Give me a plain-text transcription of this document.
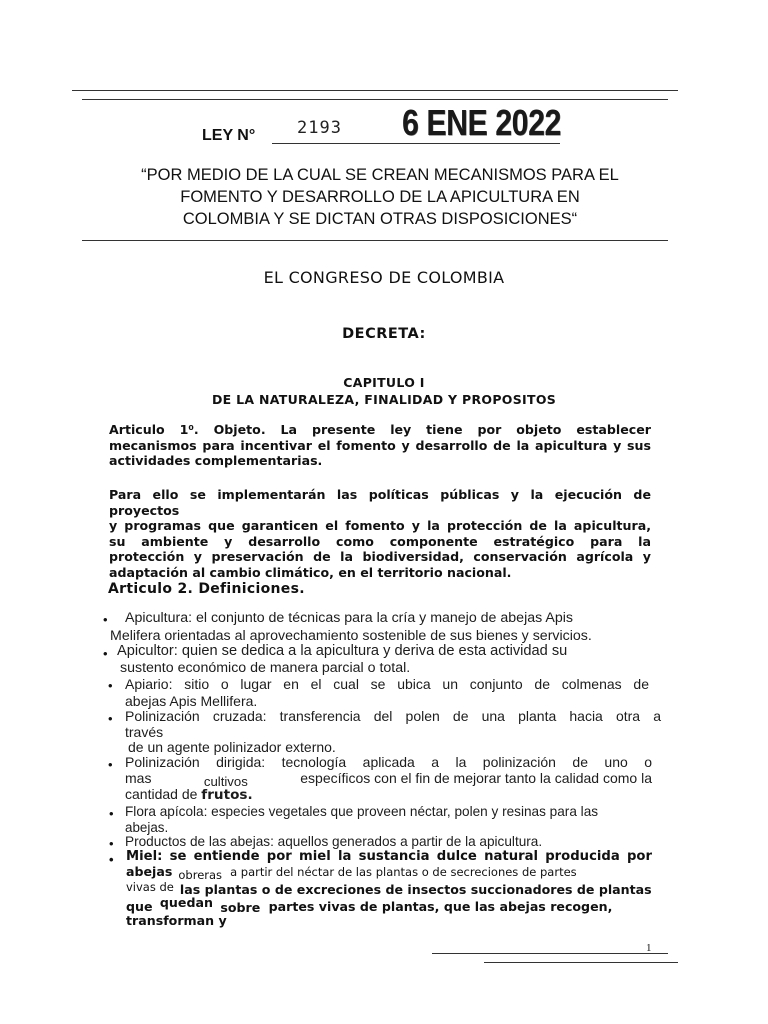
LEY N° 2193 6 ENE 2022
“POR MEDIO DE LA CUAL SE CREAN MECANISMOS PARA EL
FOMENTO Y DESARROLLO DE LA APICULTURA EN
COLOMBIA Y SE DICTAN OTRAS DISPOSICIONES“
EL CONGRESO DE COLOMBIA
DECRETA:
CAPITULO I
DE LA NATURALEZA, FINALIDAD Y PROPOSITOS
Articulo 1⁰. Objeto. La presente ley tiene por objeto establecer
mecanismos para incentivar el fomento y desarrollo de la apicultura y sus
actividades complementarias.
Para ello se implementarán las políticas públicas y la ejecución de proyectos
y programas que garanticen el fomento y la protección de la apicultura,
su ambiente y desarrollo como componente estratégico para la
protección y preservación de la biodiversidad, conservación agrícola y
adaptación al cambio climático, en el territorio nacional.
Articulo 2. Definiciones.
• Apicultura: el conjunto de técnicas para la cría y manejo de abejas Apis
Melifera orientadas al aprovechamiento sostenible de sus bienes y servicios.
• Apicultor: quien se dedica a la apicultura y deriva de esta actividad su
sustento económico de manera parcial o total.
• Apiario: sitio o lugar en el cual se ubica un conjunto de colmenas de
abejas Apis Mellifera.
• Polinización cruzada: transferencia del polen de una planta hacia otra a
través
de un agente polinizador externo.
• Polinización dirigida: tecnología aplicada a la polinización de uno o
mas	cultivos	específicos con el fin de mejorar tanto la calidad como la
cantidad de frutos.
• Flora apícola: especies vegetales que proveen néctar, polen y resinas para las
abejas.
• Productos de las abejas: aquellos generados a partir de la apicultura.
• Miel: se entiende por miel la sustancia dulce natural producida por
abejas obreras a partir del néctar de las plantas o de secreciones de partes
vivas de las plantas o de excreciones de insectos succionadores de plantas
que quedan sobre partes vivas de plantas, que las abejas recogen,
transforman y
1
